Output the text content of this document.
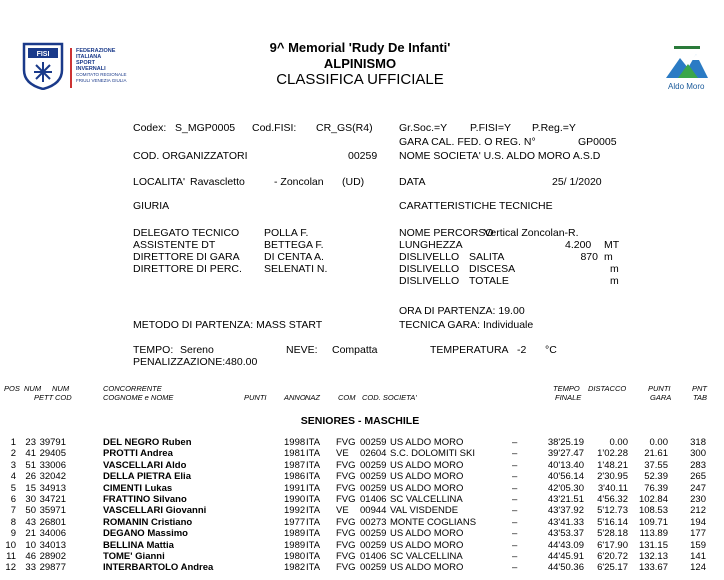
FISI	FEDERAZIONE
ITALIANA
SPORT
INVERNALI
COMITATO REGIONALE
FRIULI VENEZIA GIULIA
9^ Memorial 'Rudy De Infanti'
ALPINISMO
CLASSIFICA UFFICIALE	Aldo Moro
Codex: S_MGP0005 Cod.FISI: CR_GS(R4)	Gr.Soc.=Y P.FISI=Y P.Reg.=Y
GARA CAL. FED. O REG. N°	GP0005
COD. ORGANIZZATORI	00259 NOME SOCIETA' U.S. ALDO MORO A.S.D
LOCALITA' Ravascletto	- Zoncolan (UD)	DATA	25/ 1/2020
GIURIA	CARATTERISTICHE TECNICHE
DELEGATO TECNICO POLLA F.
ASSISTENTE DT	BETTEGA F.
DIRETTORE DI GARA DI CENTA A.
DIRETTORE DI PERC. SELENATI N.
NOME PERCORSO
Vertical Zoncolan-R.
LUNGHEZZA	4.200 MT
DISLIVELLO SALITA	870 m
DISLIVELLO DISCESA	m
DISLIVELLO TOTALE	m
ORA DI PARTENZA: 19.00
METODO DI PARTENZA: MASS START	TECNICA GARA: Individuale
TEMPO: Sereno	NEVE: Compatta	TEMPERATURA -2 °C
PENALIZZAZIONE:480.00
POS NUM
PETT
NUM
COD
CONCORRENTE
COGNOME e NOME	PUNTI ANNO NAZ COM COD. SOCIETA'
TEMPO
FINALE
DISTACCO	PUNTI
GARA
PNT
TAB
SENIORES - MASCHILE
1 23 39791	DEL NEGRO Ruben	1998 ITA	FVG 00259 US ALDO MORO	–	38'25.19	0.00	0.00	318
2 41 29405	PROTTI Andrea	1981 ITA	VE	02604 S.C. DOLOMITI SKI	–	39'27.47	1'02.28	21.61	300
3 51 33006	VASCELLARI Aldo	1987 ITA	FVG 00259 US ALDO MORO	–	40'13.40	1'48.21	37.55	283
4 26 32042	DELLA PIETRA Elia	1986 ITA	FVG 00259 US ALDO MORO	–	40'56.14	2'30.95	52.39	265
5 15 34913	CIMENTI Lukas	1991 ITA	FVG 00259 US ALDO MORO	–	42'05.30	3'40.11	76.39	247
6 30 34721	FRATTINO Silvano	1990 ITA	FVG 01406 SC VALCELLINA	–	43'21.51	4'56.32	102.84	230
7 50 35971	VASCELLARI Giovanni	1992 ITA	VE	00944 VAL VISDENDE	–	43'37.92	5'12.73	108.53	212
8 43 26801	ROMANIN Cristiano	1977 ITA	FVG 00273 MONTE COGLIANS	–	43'41.33	5'16.14	109.71	194
9 21 34006	DEGANO Massimo	1989 ITA	FVG 00259 US ALDO MORO	–	43'53.37	5'28.18	113.89	177
10 10 34013	BELLINA Mattia	1989 ITA	FVG 00259 US ALDO MORO	–	44'43.09	6'17.90	131.15	159
11 46 28902	TOME' Gianni	1980 ITA	FVG 01406 SC VALCELLINA	–	44'45.91	6'20.72	132.13	141
12 33 29877	INTERBARTOLO Andrea	1982 ITA	FVG 00259 US ALDO MORO	–	44'50.36	6'25.17	133.67	124
